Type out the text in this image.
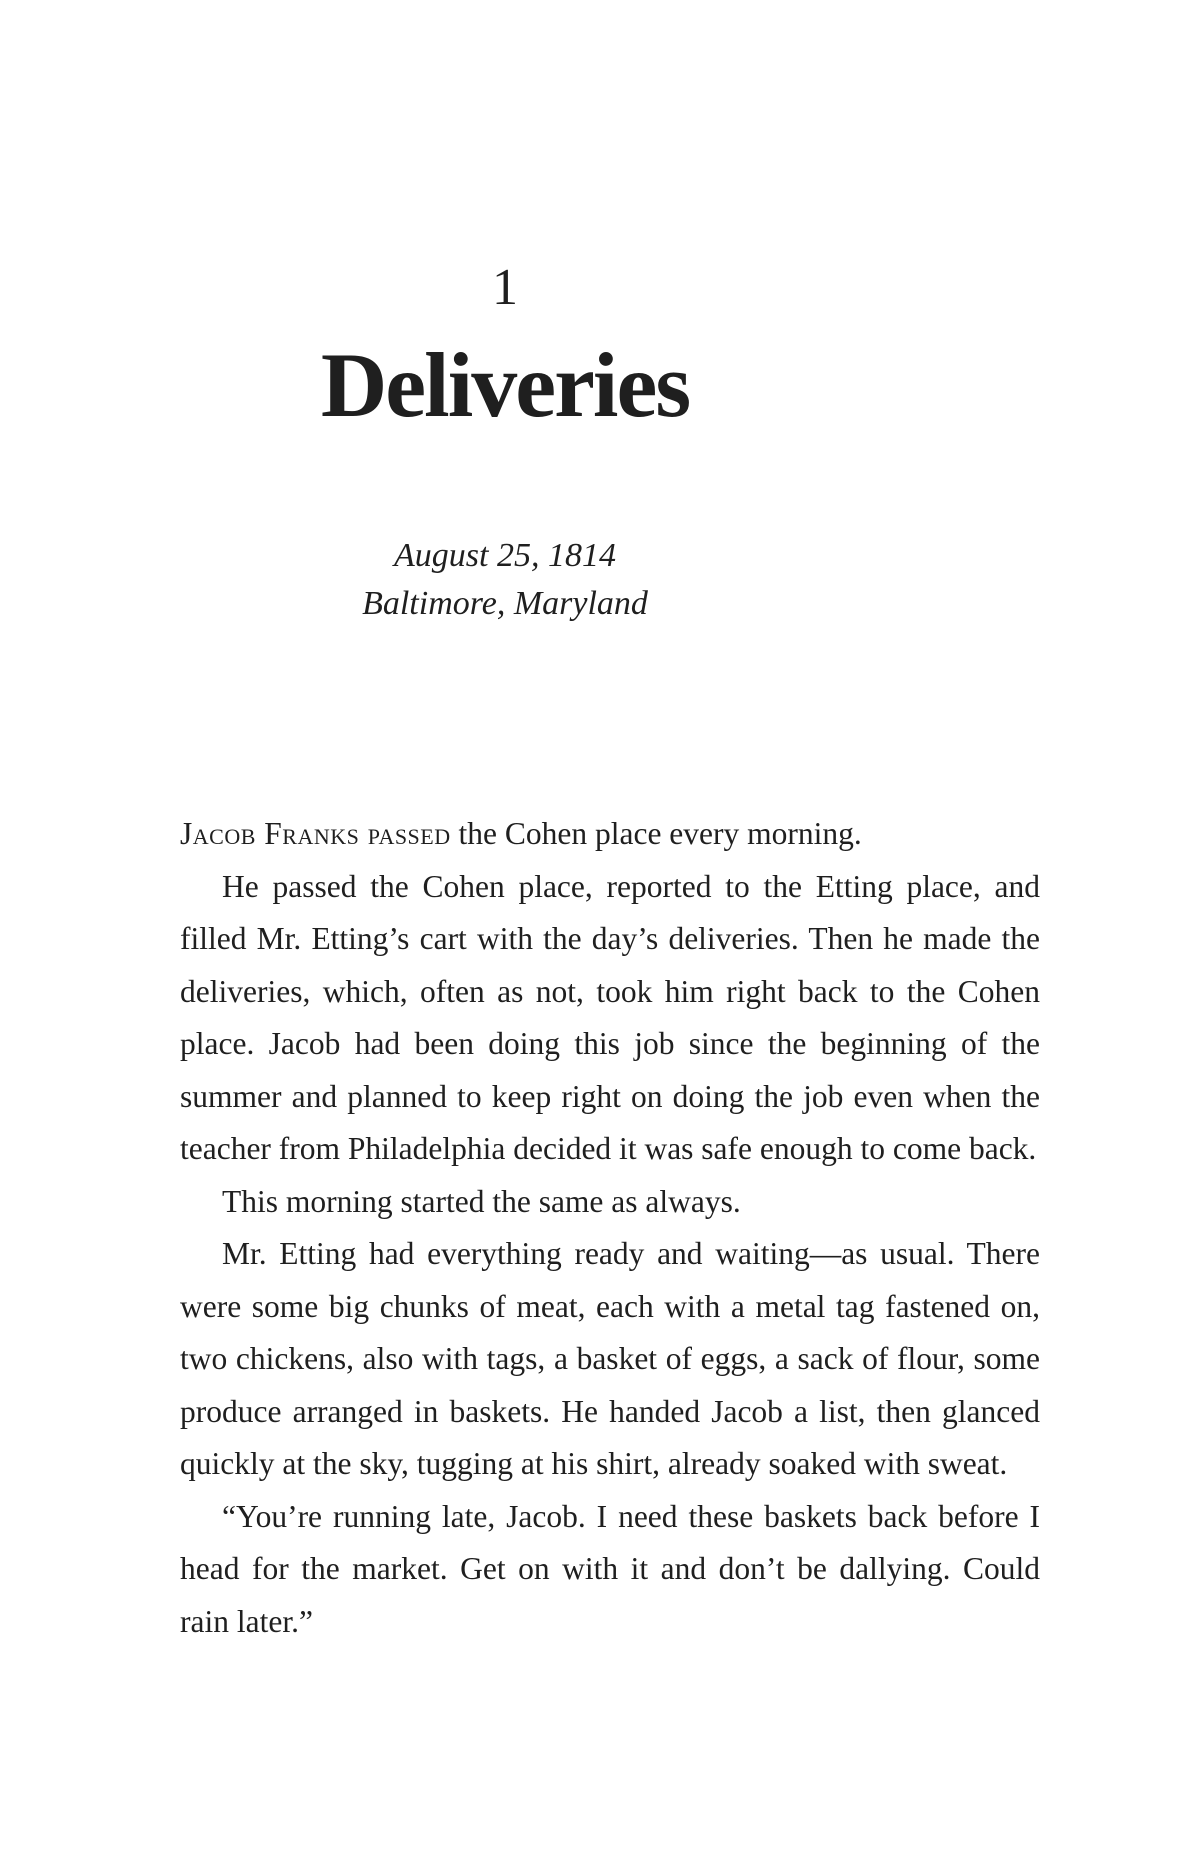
1
Deliveries
August 25, 1814
Baltimore, Maryland

Jacob Franks passed the Cohen place every morning.

He passed the Cohen place, reported to the Etting place, and filled Mr. Etting’s cart with the day’s deliveries. Then he made the deliveries, which, often as not, took him right back to the Cohen place. Jacob had been doing this job since the beginning of the summer and planned to keep right on doing the job even when the teacher from Philadelphia decided it was safe enough to come back.

This morning started the same as always.

Mr. Etting had everything ready and waiting—as usual. There were some big chunks of meat, each with a metal tag fastened on, two chickens, also with tags, a basket of eggs, a sack of flour, some produce arranged in baskets. He handed Jacob a list, then glanced quickly at the sky, tugging at his shirt, already soaked with sweat.

“You’re running late, Jacob. I need these baskets back before I head for the market. Get on with it and don’t be dallying. Could rain later.”
